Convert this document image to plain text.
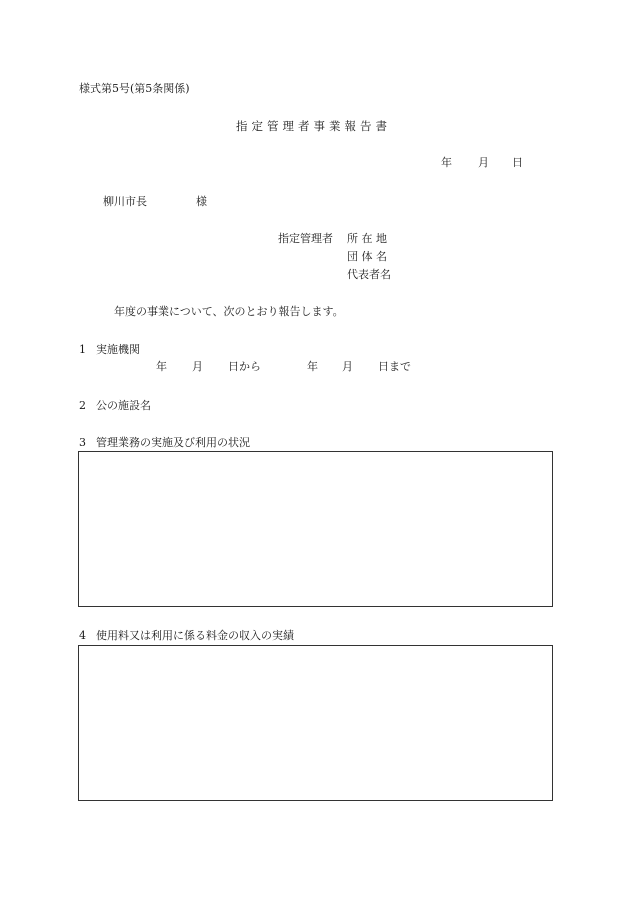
様式第5号(第5条関係)
指定管理者事業報告書
年 月 日
柳川市長	様
指定管理者 所 在 地
団 体 名
代表者名
年度の事業について、次のとおり報告します。
1 実施機関
年 月 日から	年 月 日まで
2 公の施設名
3 管理業務の実施及び利用の状況
4 使用料又は利用に係る料金の収入の実績
